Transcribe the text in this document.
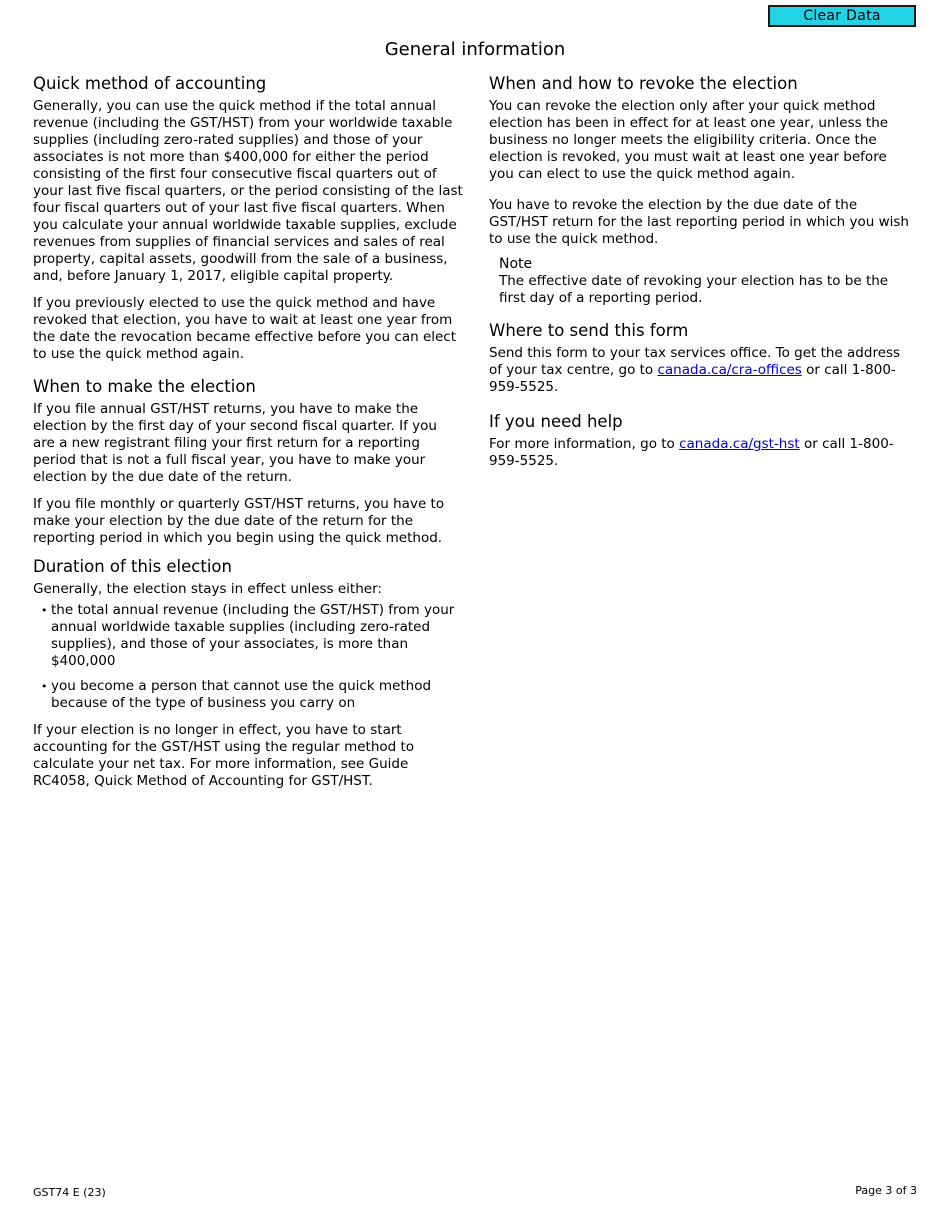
Clear Data
General information
Quick method of accounting

Generally, you can use the quick method if the total annual revenue (including the GST/HST) from your worldwide taxable supplies (including zero-rated supplies) and those of your associates is not more than $400,000 for either the period consisting of the first four consecutive fiscal quarters out of your last five fiscal quarters, or the period consisting of the last four fiscal quarters out of your last five fiscal quarters. When you calculate your annual worldwide taxable supplies, exclude revenues from supplies of financial services and sales of real property, capital assets, goodwill from the sale of a business, and, before January 1, 2017, eligible capital property.

If you previously elected to use the quick method and have revoked that election, you have to wait at least one year from the date the revocation became effective before you can elect to use the quick method again.

When to make the election

If you file annual GST/HST returns, you have to make the election by the first day of your second fiscal quarter. If you are a new registrant filing your first return for a reporting period that is not a full fiscal year, you have to make your election by the due date of the return.

If you file monthly or quarterly GST/HST returns, you have to make your election by the due date of the return for the reporting period in which you begin using the quick method.

Duration of this election

Generally, the election stays in effect unless either:

• the total annual revenue (including the GST/HST) from your annual worldwide taxable supplies (including zero-rated supplies), and those of your associates, is more than $400,000
• you become a person that cannot use the quick method because of the type of business you carry on

If your election is no longer in effect, you have to start accounting for the GST/HST using the regular method to calculate your net tax. For more information, see Guide RC4058, Quick Method of Accounting for GST/HST.

When and how to revoke the election

You can revoke the election only after your quick method election has been in effect for at least one year, unless the business no longer meets the eligibility criteria. Once the election is revoked, you must wait at least one year before you can elect to use the quick method again.

You have to revoke the election by the due date of the GST/HST return for the last reporting period in which you wish to use the quick method.

Note

The effective date of revoking your election has to be the first day of a reporting period.

Where to send this form

Send this form to your tax services office. To get the address of your tax centre, go to canada.ca/cra-offices or call 1-800-959-5525.

If you need help

For more information, go to canada.ca/gst-hst or call 1-800-959-5525.

GST74 E (23)	Page 3 of 3
